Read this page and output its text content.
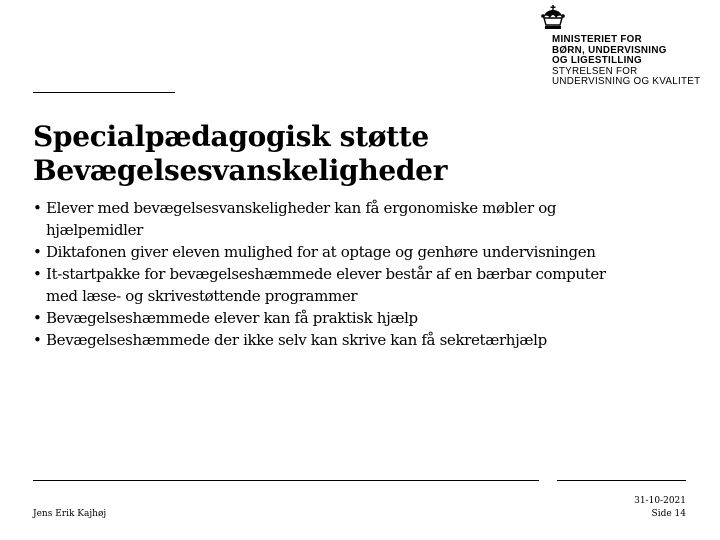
MINISTERIET FOR
BØRN, UNDERVISNING
OG LIGESTILLING
STYRELSEN FOR
UNDERVISNING OG KVALITET
Specialpædagogisk støtte
Bevægelsesvanskeligheder
• Elever med bevægelsesvanskeligheder kan få ergonomiske møbler og
hjælpemidler
• Diktafonen giver eleven mulighed for at optage og genhøre undervisningen
• It-startpakke for bevægelseshæmmede elever består af en bærbar computer
med læse- og skrivestøttende programmer
• Bevægelseshæmmede elever kan få praktisk hjælp
• Bevægelseshæmmede der ikke selv kan skrive kan få sekretærhjælp
Jens Erik Kajhøj
31-10-2021
Side 14
